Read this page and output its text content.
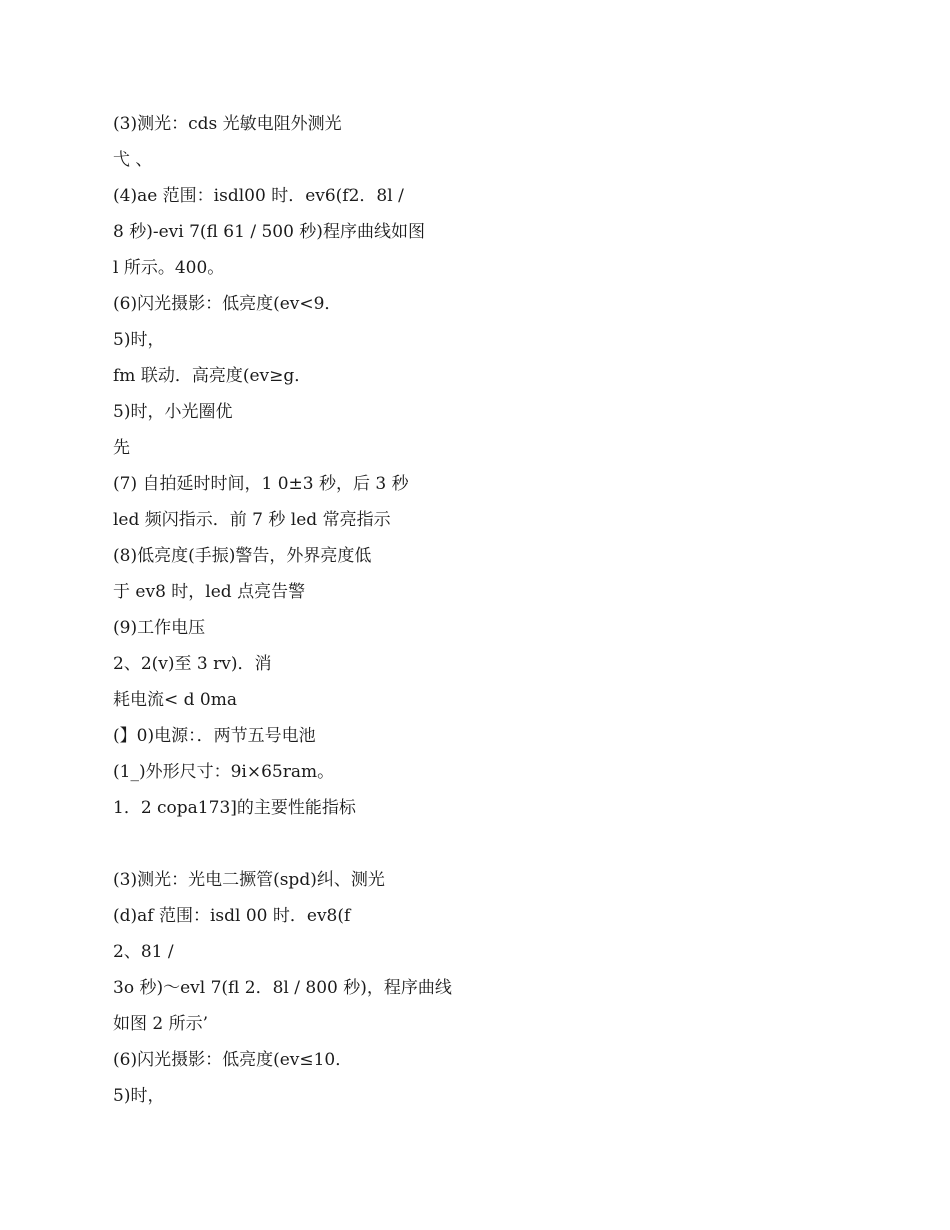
(3)测光：cds 光敏电阻外测光
弋 、
(4)ae 范围：isdl00 时．ev6(f2．8l /
8 秒)-evi 7(fl 61 / 500 秒)程序曲线如图
l 所示。400。
(6)闪光摄影：低亮度(ev<9．
5)时，
fm 联动．高亮度(ev≥g．
5)时，小光圈优
先
(7) 自拍延时时间，1 0±3 秒，后 3 秒
led 频闪指示．前 7 秒 led 常亮指示
(8)低亮度(手振)警告，外界亮度低
于 ev8 时，led 点亮告警
(9)工作电压
2、2(v)至 3 rv)．消
耗电流< d 0ma
(】0)电源：．两节五号电池
(1_)外形尺寸：9i×65ram。
1．2 copa173]的主要性能指标
(3)测光：光电二撅管(spd)纠、测光
(d)af 范围：isdl 00 时．ev8(f
2、81 /
3o 秒)～evl 7(fl 2．8l / 800 秒)，程序曲线
如图 2 所示’
(6)闪光摄影：低亮度(ev≤10．
5)时，
